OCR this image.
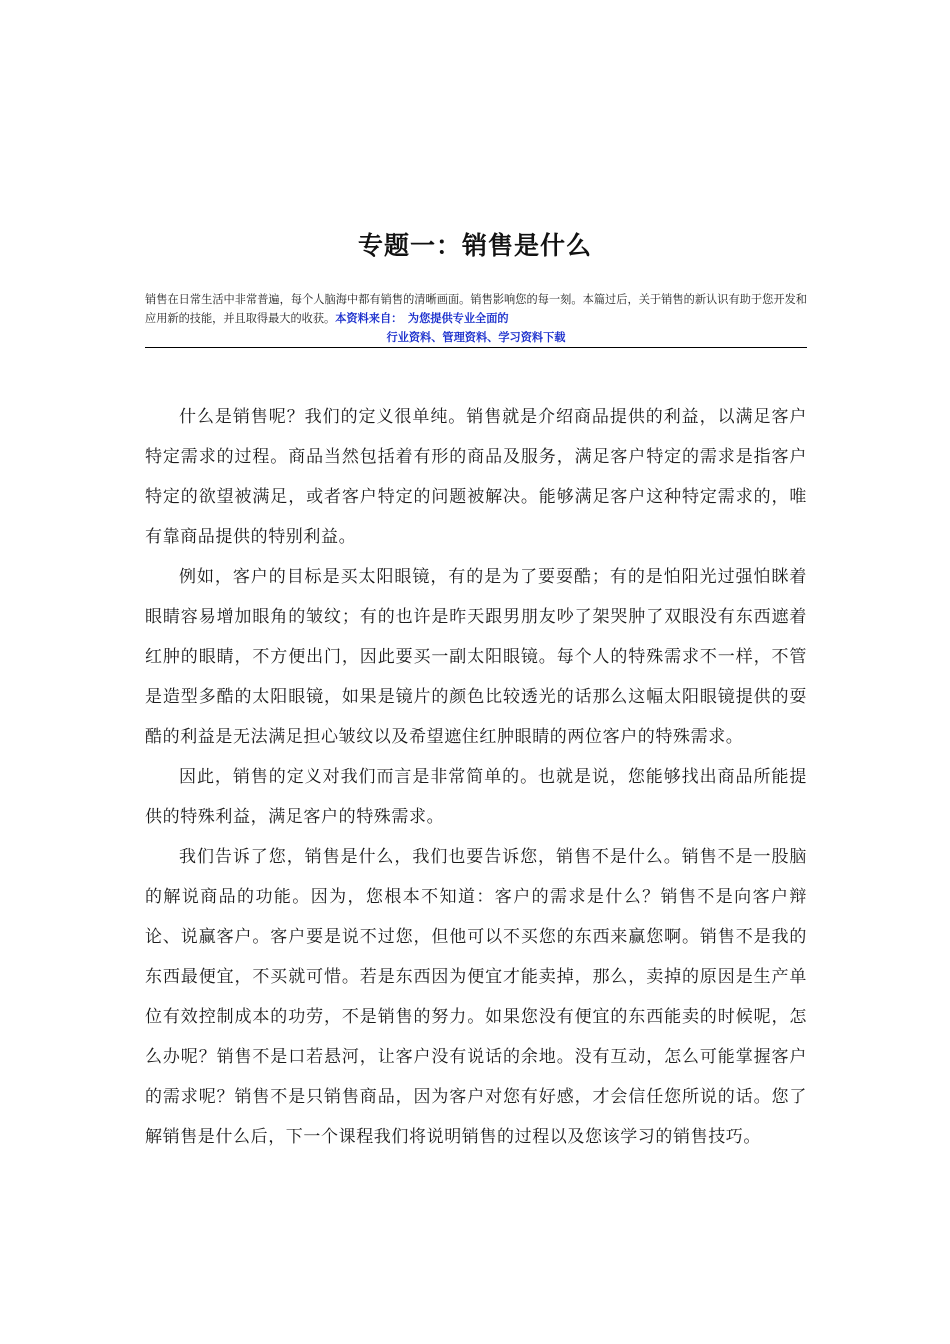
专题一：销售是什么
销售在日常生活中非常普遍，每个人脑海中都有销售的清晰画面。销售影响您的每一刻。本篇过后，关于销售的新认识有助于您开发和应用新的技能，并且取得最大的收获。本资料来自：　为您提供专业全面的
行业资料、管理资料、学习资料下载

什么是销售呢？我们的定义很单纯。销售就是介绍商品提供的利益，以满足客户特定需求的过程。商品当然包括着有形的商品及服务，满足客户特定的需求是指客户特定的欲望被满足，或者客户特定的问题被解决。能够满足客户这种特定需求的，唯有靠商品提供的特别利益。

例如，客户的目标是买太阳眼镜，有的是为了要耍酷；有的是怕阳光过强怕眯着眼睛容易增加眼角的皱纹；有的也许是昨天跟男朋友吵了架哭肿了双眼没有东西遮着红肿的眼睛，不方便出门，因此要买一副太阳眼镜。每个人的特殊需求不一样，不管是造型多酷的太阳眼镜，如果是镜片的颜色比较透光的话那么这幅太阳眼镜提供的耍酷的利益是无法满足担心皱纹以及希望遮住红肿眼睛的两位客户的特殊需求。

因此，销售的定义对我们而言是非常简单的。也就是说，您能够找出商品所能提供的特殊利益，满足客户的特殊需求。

我们告诉了您，销售是什么，我们也要告诉您，销售不是什么。销售不是一股脑的解说商品的功能。因为，您根本不知道：客户的需求是什么？销售不是向客户辩论、说赢客户。客户要是说不过您，但他可以不买您的东西来赢您啊。销售不是我的东西最便宜，不买就可惜。若是东西因为便宜才能卖掉，那么，卖掉的原因是生产单位有效控制成本的功劳，不是销售的努力。如果您没有便宜的东西能卖的时候呢，怎么办呢？销售不是口若悬河，让客户没有说话的余地。没有互动，怎么可能掌握客户的需求呢？销售不是只销售商品，因为客户对您有好感，才会信任您所说的话。您了解销售是什么后，下一个课程我们将说明销售的过程以及您该学习的销售技巧。
